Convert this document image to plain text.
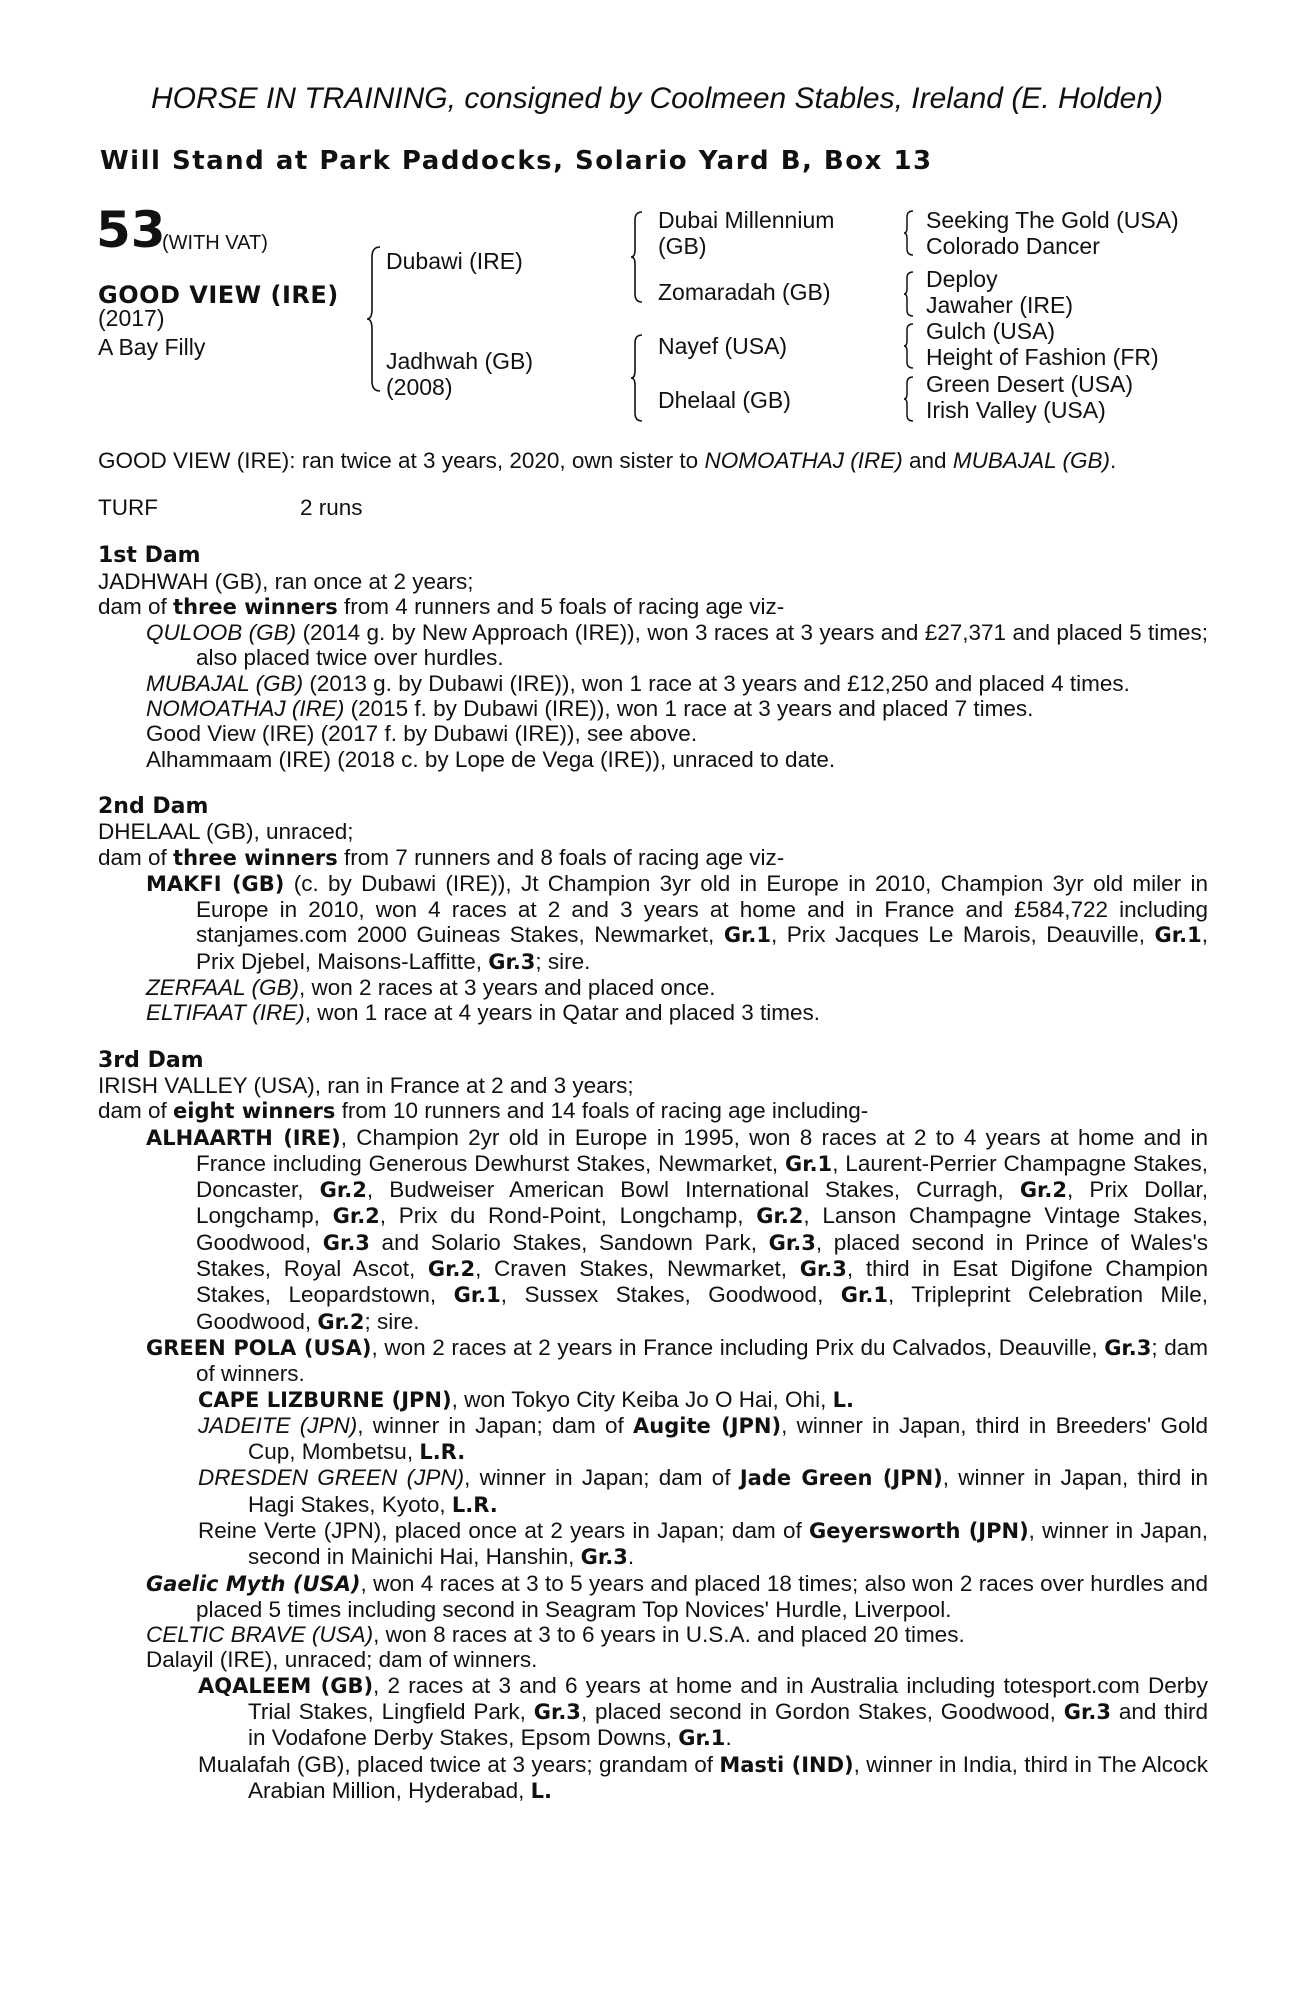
HORSE IN TRAINING, consigned by Coolmeen Stables, Ireland (E. Holden)
Will Stand at Park Paddocks, Solario Yard B, Box 13
53
(WITH VAT)
GOOD VIEW (IRE)
(2017)
A Bay Filly
Dubawi (IRE)
Jadhwah (GB)
(2008)
Dubai Millennium
(GB)
Zomaradah (GB)
Nayef (USA)
Dhelaal (GB)
Seeking The Gold (USA)
Colorado Dancer
Deploy
Jawaher (IRE)
Gulch (USA)
Height of Fashion (FR)
Green Desert (USA)
Irish Valley (USA)

GOOD VIEW (IRE): ran twice at 3 years, 2020, own sister to NOMOATHAJ (IRE) and MUBAJAL (GB).

TURF	2 runs

1st Dam

JADHWAH (GB), ran once at 2 years;

dam of three winners from 4 runners and 5 foals of racing age viz-

QULOOB (GB) (2014 g. by New Approach (IRE)), won 3 races at 3 years and £27,371 and placed 5 times; also placed twice over hurdles.

MUBAJAL (GB) (2013 g. by Dubawi (IRE)), won 1 race at 3 years and £12,250 and placed 4 times.

NOMOATHAJ (IRE) (2015 f. by Dubawi (IRE)), won 1 race at 3 years and placed 7 times.

Good View (IRE) (2017 f. by Dubawi (IRE)), see above.

Alhammaam (IRE) (2018 c. by Lope de Vega (IRE)), unraced to date.

2nd Dam

DHELAAL (GB), unraced;

dam of three winners from 7 runners and 8 foals of racing age viz-

MAKFI (GB) (c. by Dubawi (IRE)), Jt Champion 3yr old in Europe in 2010, Champion 3yr old miler in Europe in 2010, won 4 races at 2 and 3 years at home and in France and £584,722 including stanjames.com 2000 Guineas Stakes, Newmarket, Gr.1, Prix Jacques Le Marois, Deauville, Gr.1, Prix Djebel, Maisons-Laffitte, Gr.3; sire.

ZERFAAL (GB), won 2 races at 3 years and placed once.

ELTIFAAT (IRE), won 1 race at 4 years in Qatar and placed 3 times.

3rd Dam

IRISH VALLEY (USA), ran in France at 2 and 3 years;

dam of eight winners from 10 runners and 14 foals of racing age including-

ALHAARTH (IRE), Champion 2yr old in Europe in 1995, won 8 races at 2 to 4 years at home and in France including Generous Dewhurst Stakes, Newmarket, Gr.1, Laurent-Perrier Champagne Stakes, Doncaster, Gr.2, Budweiser American Bowl International Stakes, Curragh, Gr.2, Prix Dollar, Longchamp, Gr.2, Prix du Rond-Point, Longchamp, Gr.2, Lanson Champagne Vintage Stakes, Goodwood, Gr.3 and Solario Stakes, Sandown Park, Gr.3, placed second in Prince of Wales's Stakes, Royal Ascot, Gr.2, Craven Stakes, Newmarket, Gr.3, third in Esat Digifone Champion Stakes, Leopardstown, Gr.1, Sussex Stakes, Goodwood, Gr.1, Tripleprint Celebration Mile, Goodwood, Gr.2; sire.

GREEN POLA (USA), won 2 races at 2 years in France including Prix du Calvados, Deauville, Gr.3; dam of winners.

CAPE LIZBURNE (JPN), won Tokyo City Keiba Jo O Hai, Ohi, L.

JADEITE (JPN), winner in Japan; dam of Augite (JPN), winner in Japan, third in Breeders' Gold Cup, Mombetsu, L.R.

DRESDEN GREEN (JPN), winner in Japan; dam of Jade Green (JPN), winner in Japan, third in Hagi Stakes, Kyoto, L.R.

Reine Verte (JPN), placed once at 2 years in Japan; dam of Geyersworth (JPN), winner in Japan, second in Mainichi Hai, Hanshin, Gr.3.

Gaelic Myth (USA), won 4 races at 3 to 5 years and placed 18 times; also won 2 races over hurdles and placed 5 times including second in Seagram Top Novices' Hurdle, Liverpool.

CELTIC BRAVE (USA), won 8 races at 3 to 6 years in U.S.A. and placed 20 times.

Dalayil (IRE), unraced; dam of winners.

AQALEEM (GB), 2 races at 3 and 6 years at home and in Australia including totesport.com Derby Trial Stakes, Lingfield Park, Gr.3, placed second in Gordon Stakes, Goodwood, Gr.3 and third in Vodafone Derby Stakes, Epsom Downs, Gr.1.

Mualafah (GB), placed twice at 3 years; grandam of Masti (IND), winner in India, third in The Alcock Arabian Million, Hyderabad, L.
